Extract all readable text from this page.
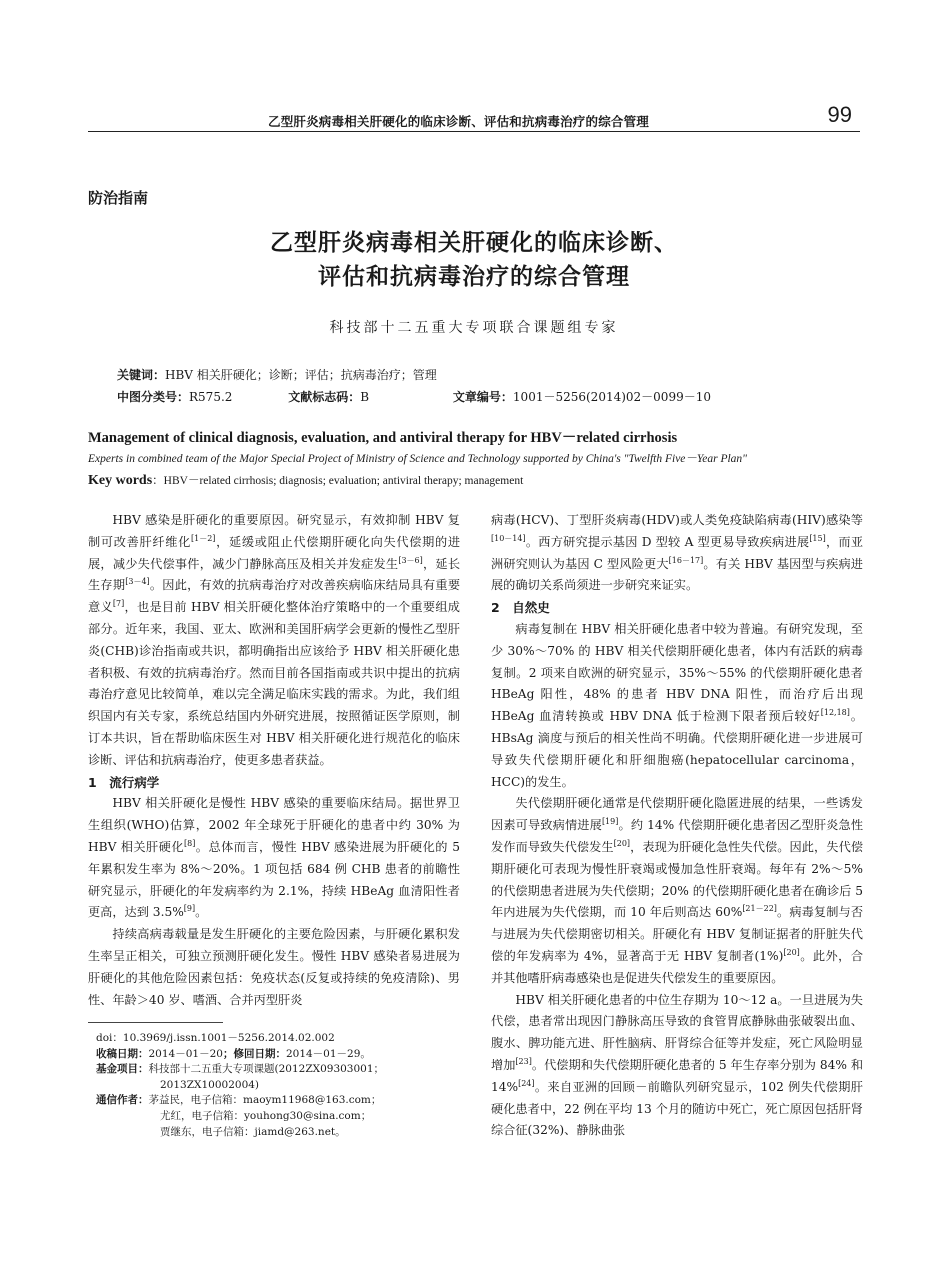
乙型肝炎病毒相关肝硬化的临床诊断、评估和抗病毒治疗的综合管理	99
防治指南
乙型肝炎病毒相关肝硬化的临床诊断、
评估和抗病毒治疗的综合管理
科技部十二五重大专项联合课题组专家
关键词：HBV 相关肝硬化；诊断；评估；抗病毒治疗；管理
中图分类号：R575.2	文献标志码：B	文章编号：1001－5256(2014)02－0099－10
Management of clinical diagnosis, evaluation, and antiviral therapy for HBV－related cirrhosis
Experts in combined team of the Major Special Project of Ministry of Science and Technology supported by China's "Twelfth Five－Year Plan"
Key words：HBV－related cirrhosis; diagnosis; evaluation; antiviral therapy; management

HBV 感染是肝硬化的重要原因。研究显示，有效抑制 HBV 复制可改善肝纤维化[1－2]，延缓或阻止代偿期肝硬化向失代偿期的进展，减少失代偿事件，减少门静脉高压及相关并发症发生[3－6]，延长生存期[3－4]。因此，有效的抗病毒治疗对改善疾病临床结局具有重要意义[7]，也是目前 HBV 相关肝硬化整体治疗策略中的一个重要组成部分。近年来，我国、亚太、欧洲和美国肝病学会更新的慢性乙型肝炎(CHB)诊治指南或共识，都明确指出应该给予 HBV 相关肝硬化患者积极、有效的抗病毒治疗。然而目前各国指南或共识中提出的抗病毒治疗意见比较简单，难以完全满足临床实践的需求。为此，我们组织国内有关专家，系统总结国内外研究进展，按照循证医学原则，制订本共识，旨在帮助临床医生对 HBV 相关肝硬化进行规范化的临床诊断、评估和抗病毒治疗，使更多患者获益。

1　流行病学

HBV 相关肝硬化是慢性 HBV 感染的重要临床结局。据世界卫生组织(WHO)估算，2002 年全球死于肝硬化的患者中约 30% 为 HBV 相关肝硬化[8]。总体而言，慢性 HBV 感染进展为肝硬化的 5 年累积发生率为 8%～20%。1 项包括 684 例 CHB 患者的前瞻性研究显示，肝硬化的年发病率约为 2.1%，持续 HBeAg 血清阳性者更高，达到 3.5%[9]。

持续高病毒载量是发生肝硬化的主要危险因素，与肝硬化累积发生率呈正相关，可独立预测肝硬化发生。慢性 HBV 感染者易进展为肝硬化的其他危险因素包括：免疫状态(反复或持续的免疫清除)、男性、年龄＞40 岁、嗜酒、合并丙型肝炎

doi：10.3969/j.issn.1001－5256.2014.02.002
收稿日期：2014－01－20；修回日期：2014－01－29。
基金项目：科技部十二五重大专项课题(2012ZX09303001；
2013ZX10002004)
通信作者：茅益民，电子信箱：maoym11968@163.com；
尤红，电子信箱：youhong30@sina.com；
贾继东，电子信箱：jiamd@263.net。

病毒(HCV)、丁型肝炎病毒(HDV)或人类免疫缺陷病毒(HIV)感染等[10－14]。西方研究提示基因 D 型较 A 型更易导致疾病进展[15]，而亚洲研究则认为基因 C 型风险更大[16－17]。有关 HBV 基因型与疾病进展的确切关系尚须进一步研究来证实。

2　自然史

病毒复制在 HBV 相关肝硬化患者中较为普遍。有研究发现，至少 30%～70% 的 HBV 相关代偿期肝硬化患者，体内有活跃的病毒复制。2 项来自欧洲的研究显示，35%～55% 的代偿期肝硬化患者 HBeAg 阳性，48% 的患者 HBV DNA 阳性，而治疗后出现 HBeAg 血清转换或 HBV DNA 低于检测下限者预后较好[12,18]。HBsAg 滴度与预后的相关性尚不明确。代偿期肝硬化进一步进展可导致失代偿期肝硬化和肝细胞癌(hepatocellular carcinoma，HCC)的发生。

失代偿期肝硬化通常是代偿期肝硬化隐匿进展的结果，一些诱发因素可导致病情进展[19]。约 14% 代偿期肝硬化患者因乙型肝炎急性发作而导致失代偿发生[20]，表现为肝硬化急性失代偿。因此，失代偿期肝硬化可表现为慢性肝衰竭或慢加急性肝衰竭。每年有 2%～5% 的代偿期患者进展为失代偿期；20% 的代偿期肝硬化患者在确诊后 5 年内进展为失代偿期，而 10 年后则高达 60%[21－22]。病毒复制与否与进展为失代偿期密切相关。肝硬化有 HBV 复制证据者的肝脏失代偿的年发病率为 4%，显著高于无 HBV 复制者(1%)[20]。此外，合并其他嗜肝病毒感染也是促进失代偿发生的重要原因。

HBV 相关肝硬化患者的中位生存期为 10～12 a。一旦进展为失代偿，患者常出现因门静脉高压导致的食管胃底静脉曲张破裂出血、腹水、脾功能亢进、肝性脑病、肝肾综合征等并发症，死亡风险明显增加[23]。代偿期和失代偿期肝硬化患者的 5 年生存率分别为 84% 和 14%[24]。来自亚洲的回顾－前瞻队列研究显示，102 例失代偿期肝硬化患者中，22 例在平均 13 个月的随访中死亡，死亡原因包括肝肾综合征(32%)、静脉曲张
